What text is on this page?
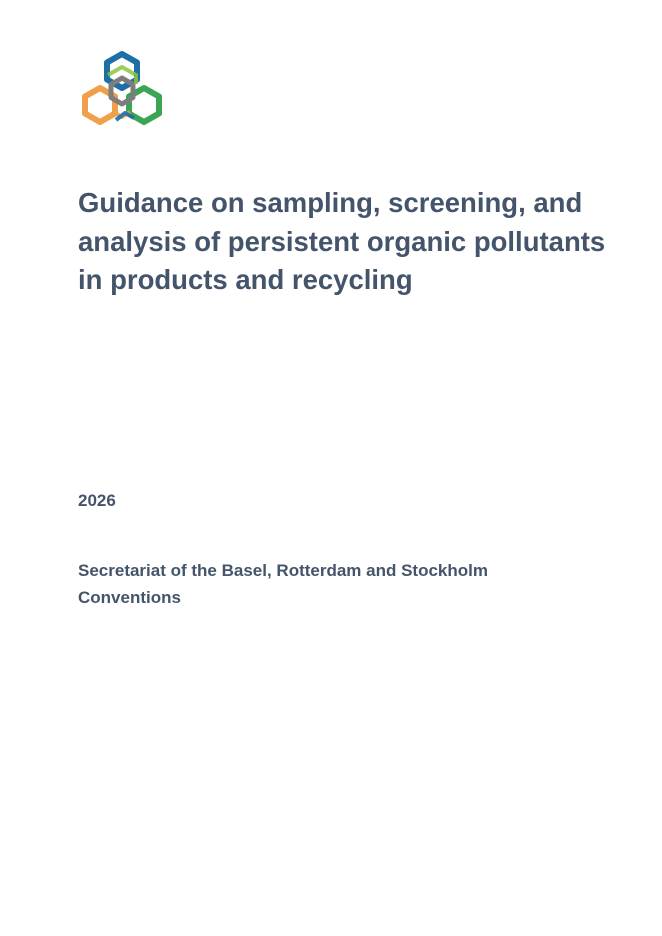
Guidance on sampling, screening, and
analysis of persistent organic pollutants
in products and recycling

2026

Secretariat of the Basel, Rotterdam and Stockholm
Conventions
